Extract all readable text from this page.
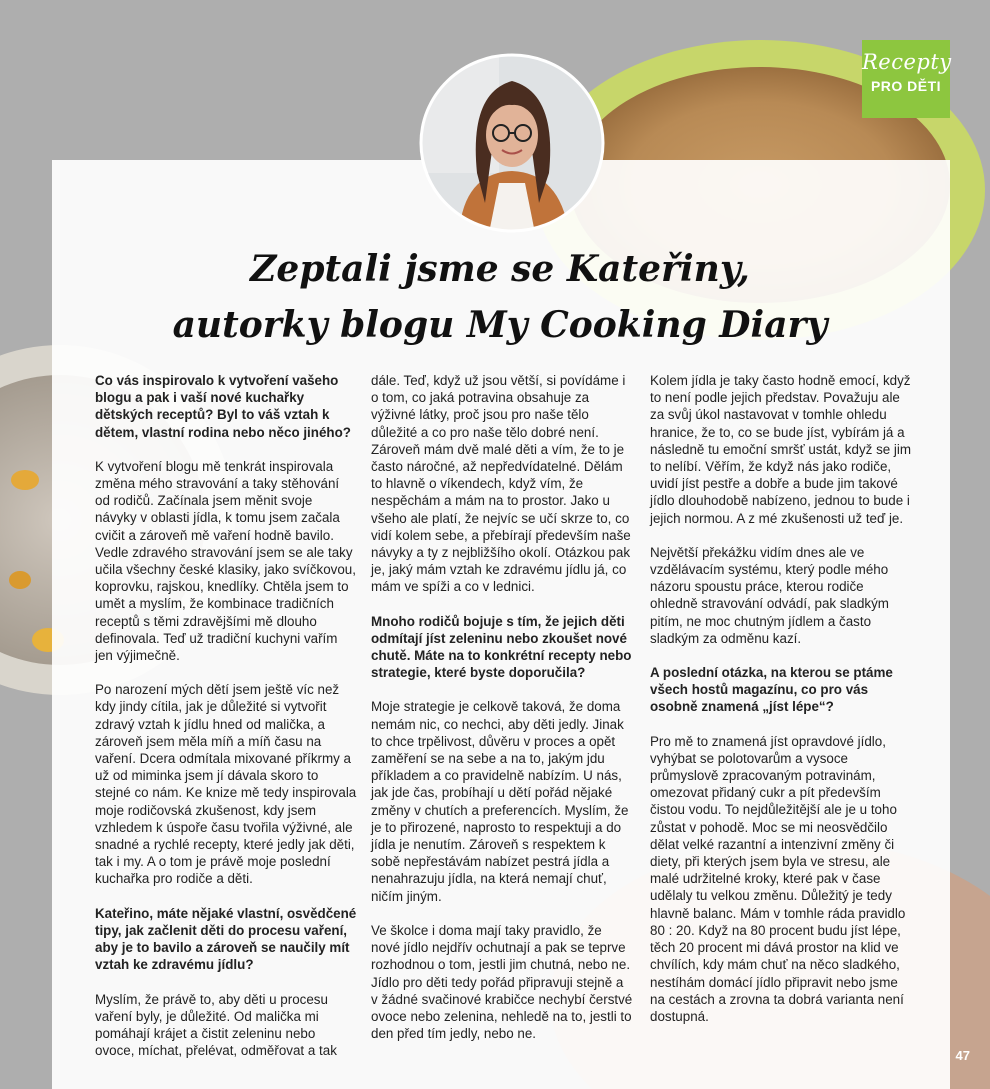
Recepty
PRO DĚTI
Zeptali jsme se Kateřiny,
autorky blogu My Cooking Diary

Co vás inspirovalo k vytvoření vašeho blogu a pak i vaší nové kuchařky dětských receptů? Byl to váš vztah k dětem, vlastní rodina nebo něco jiného?

K vytvoření blogu mě tenkrát inspirovala změna mého stravování a taky stěhování od rodičů. Začínala jsem měnit svoje návyky v oblasti jídla, k tomu jsem začala cvičit a zároveň mě vaření hodně bavilo. Vedle zdravého stravování jsem se ale taky učila všechny české klasiky, jako svíčkovou, koprovku, rajskou, knedlíky. Chtěla jsem to umět a myslím, že kombinace tradičních receptů s těmi zdravějšími mě dlouho definovala. Teď už tradiční kuchyni vařím jen výjimečně.

Po narození mých dětí jsem ještě víc než kdy jindy cítila, jak je důležité si vytvořit zdravý vztah k jídlu hned od malička, a zároveň jsem měla míň a míň času na vaření. Dcera odmítala mixované příkrmy a už od miminka jsem jí dávala skoro to stejné co nám. Ke knize mě tedy inspirovala moje rodičovská zkušenost, kdy jsem vzhledem k úspoře času tvořila výživné, ale snadné a rychlé recepty, které jedly jak děti, tak i my. A o tom je právě moje poslední kuchařka pro rodiče a děti.

Kateřino, máte nějaké vlastní, osvědčené tipy, jak začlenit děti do procesu vaření, aby je to bavilo a zároveň se naučily mít vztah ke zdravému jídlu?

Myslím, že právě to, aby děti u procesu vaření byly, je důležité. Od malička mi pomáhají krájet a čistit zeleninu nebo ovoce, míchat, přelévat, odměřovat a tak

dále. Teď, když už jsou větší, si povídáme i o tom, co jaká potravina obsahuje za výživné látky, proč jsou pro naše tělo důležité a co pro naše tělo dobré není. Zároveň mám dvě malé děti a vím, že to je často náročné, až nepředvídatelné. Dělám to hlavně o víkendech, když vím, že nespěchám a mám na to prostor. Jako u všeho ale platí, že nejvíc se učí skrze to, co vidí kolem sebe, a přebírají především naše návyky a ty z nejbližšího okolí. Otázkou pak je, jaký mám vztah ke zdravému jídlu já, co mám ve spíži a co v lednici.

Mnoho rodičů bojuje s tím, že jejich děti odmítají jíst zeleninu nebo zkoušet nové chutě. Máte na to konkrétní recepty nebo strategie, které byste doporučila?

Moje strategie je celkově taková, že doma nemám nic, co nechci, aby děti jedly. Jinak to chce trpělivost, důvěru v proces a opět zaměření se na sebe a na to, jakým jdu příkladem a co pravidelně nabízím. U nás, jak jde čas, probíhají u dětí pořád nějaké změny v chutích a preferencích. Myslím, že je to přirozené, naprosto to respektuji a do jídla je nenutím. Zároveň s respektem k sobě nepřestávám nabízet pestrá jídla a nenahrazuju jídla, na která nemají chuť, ničím jiným.

Ve školce i doma mají taky pravidlo, že nové jídlo nejdřív ochutnají a pak se teprve rozhodnou o tom, jestli jim chutná, nebo ne. Jídlo pro děti tedy pořád připravuji stejně a v žádné svačinové krabičce nechybí čerstvé ovoce nebo zelenina, nehledě na to, jestli to den před tím jedly, nebo ne.

Kolem jídla je taky často hodně emocí, když to není podle jejich představ. Považuju ale za svůj úkol nastavovat v tomhle ohledu hranice, že to, co se bude jíst, vybírám já a následně tu emoční smršť ustát, když se jim to nelíbí. Věřím, že když nás jako rodiče, uvidí jíst pestře a dobře a bude jim takové jídlo dlouhodobě nabízeno, jednou to bude i jejich normou. A z mé zkušenosti už teď je.

Největší překážku vidím dnes ale ve vzdělávacím systému, který podle mého názoru spoustu práce, kterou rodiče ohledně stravování odvádí, pak sladkým pitím, ne moc chutným jídlem a často sladkým za odměnu kazí.

A poslední otázka, na kterou se ptáme všech hostů magazínu, co pro vás osobně znamená „jíst lépe“?

Pro mě to znamená jíst opravdové jídlo, vyhýbat se polotovarům a vysoce průmyslově zpracovaným potravinám, omezovat přidaný cukr a pít především čistou vodu. To nejdůležitější ale je u toho zůstat v pohodě. Moc se mi neosvědčilo dělat velké razantní a intenzivní změny či diety, při kterých jsem byla ve stresu, ale malé udržitelné kroky, které pak v čase udělaly tu velkou změnu. Důležitý je tedy hlavně balanc. Mám v tomhle ráda pravidlo 80 : 20. Když na 80 procent budu jíst lépe, těch 20 procent mi dává prostor na klid ve chvílích, kdy mám chuť na něco sladkého, nestíhám domácí jídlo připravit nebo jsme na cestách a zrovna ta dobrá varianta není dostupná.

47
